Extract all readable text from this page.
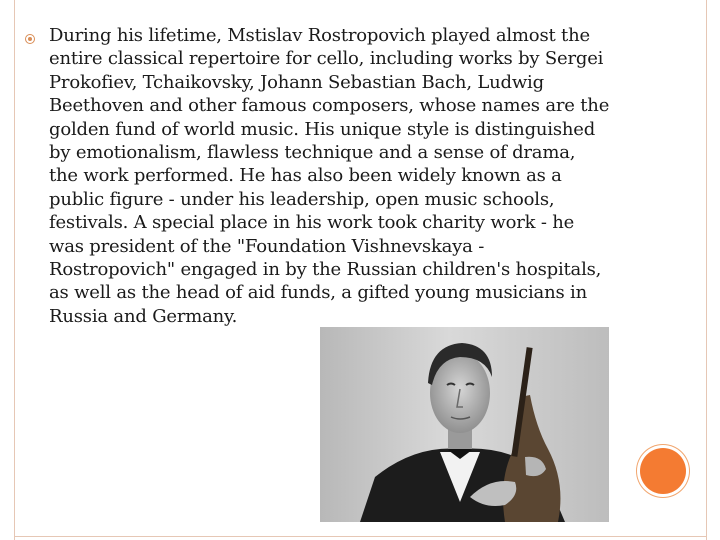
During his lifetime, Mstislav Rostropovich played almost the
entire classical repertoire for cello, including works by Sergei
Prokofiev, Tchaikovsky, Johann Sebastian Bach, Ludwig
Beethoven and other famous composers, whose names are the
golden fund of world music. His unique style is distinguished
by emotionalism, flawless technique and a sense of drama,
the work performed. He has also been widely known as a
public figure - under his leadership, open music schools,
festivals. A special place in his work took charity work - he
was president of the "Foundation Vishnevskaya -
Rostropovich" engaged in by the Russian children's hospitals,
as well as the head of aid funds, a gifted young musicians in
Russia and Germany.
